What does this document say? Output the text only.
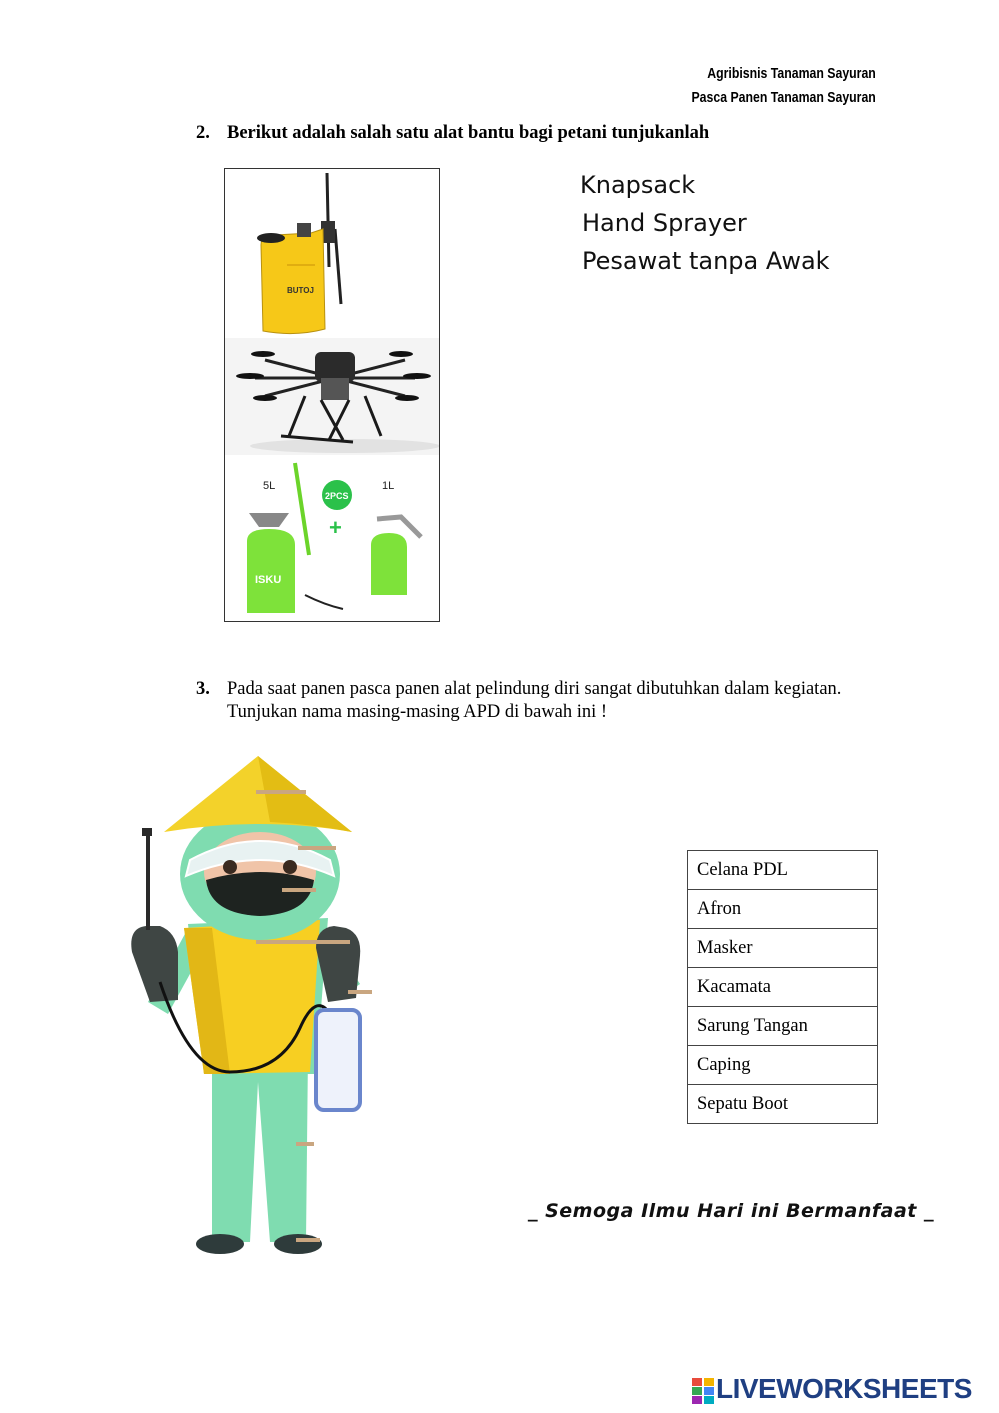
Agribisnis Tanaman Sayuran
Pasca Panen Tanaman Sayuran
2. Berikut adalah salah satu alat bantu bagi petani tunjukanlah
BUTOJ
5L	1L
2PCS
+
ISKU
Knapsack
Hand Sprayer
Pesawat tanpa Awak
3. Pada saat panen pasca panen alat pelindung diri sangat dibutuhkan dalam kegiatan.
Tunjukan nama masing-masing APD di bawah ini !
Celana PDL
Afron
Masker
Kacamata
Sarung Tangan
Caping
Sepatu Boot
_ Semoga Ilmu Hari ini Bermanfaat _
LIVEWORKSHEETS
